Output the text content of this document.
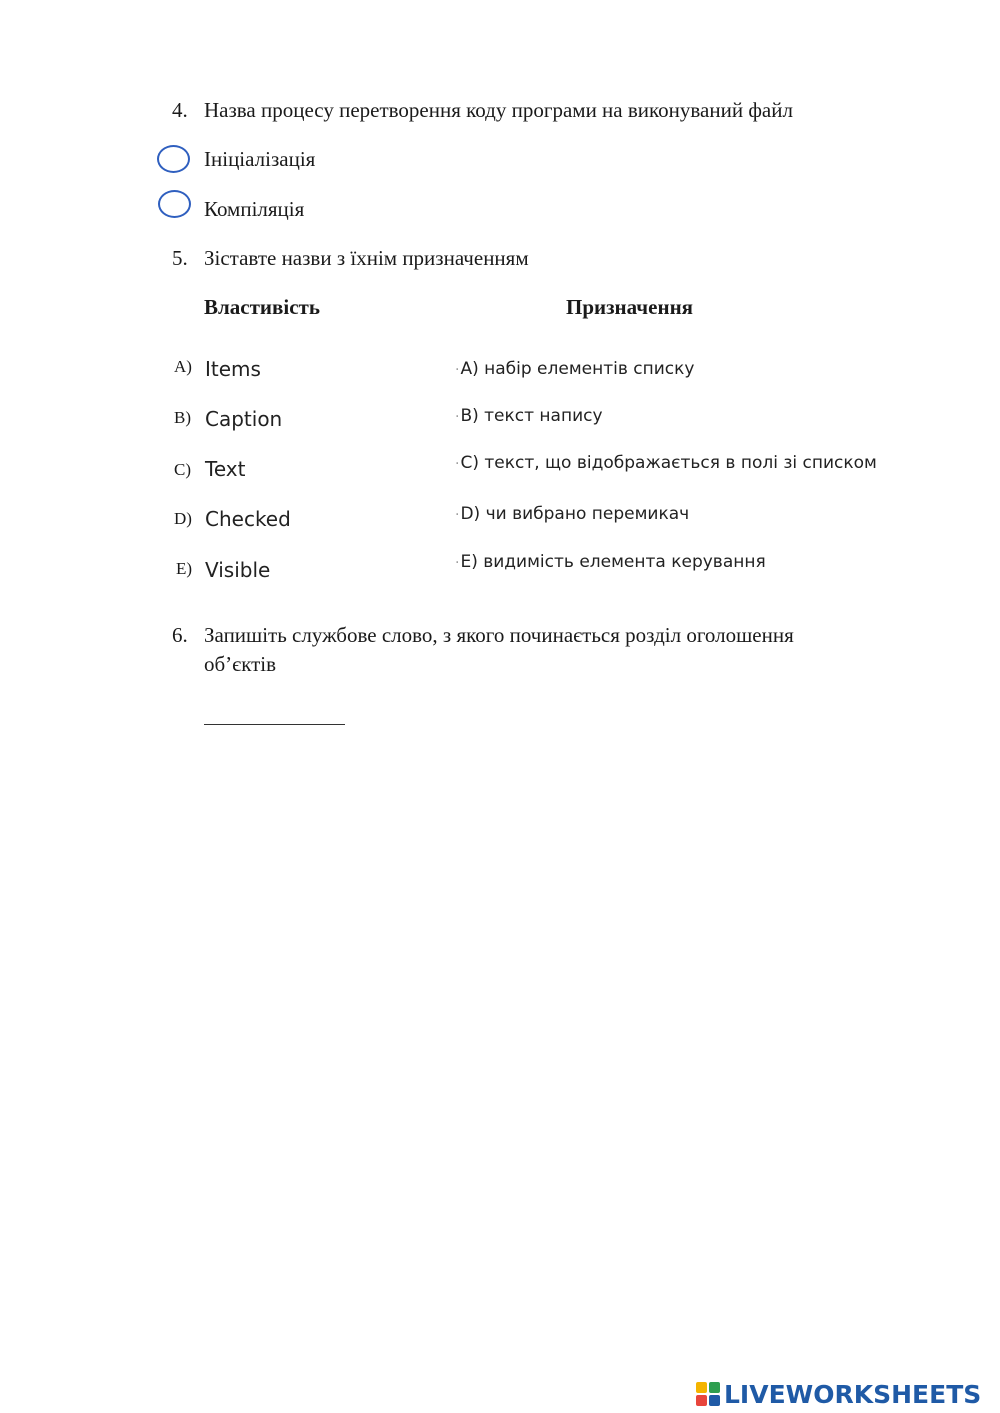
4. Назва процесу перетворення коду програми на виконуваний файл
Ініціалізація
Компіляція
5. Зіставте назви з їхнім призначенням
Властивість	Призначення
A) Items	·A) набір елементів списку
B) Caption	·B) текст напису
C) Text	·C) текст, що відображається в полі зі списком
D) Checked	·D) чи вибрано перемикач
E) Visible	·E) видимість елемента керування
6. Запишіть службове слово, з якого починається розділ оголошення
об’єктів
LIVEWORKSHEETS
